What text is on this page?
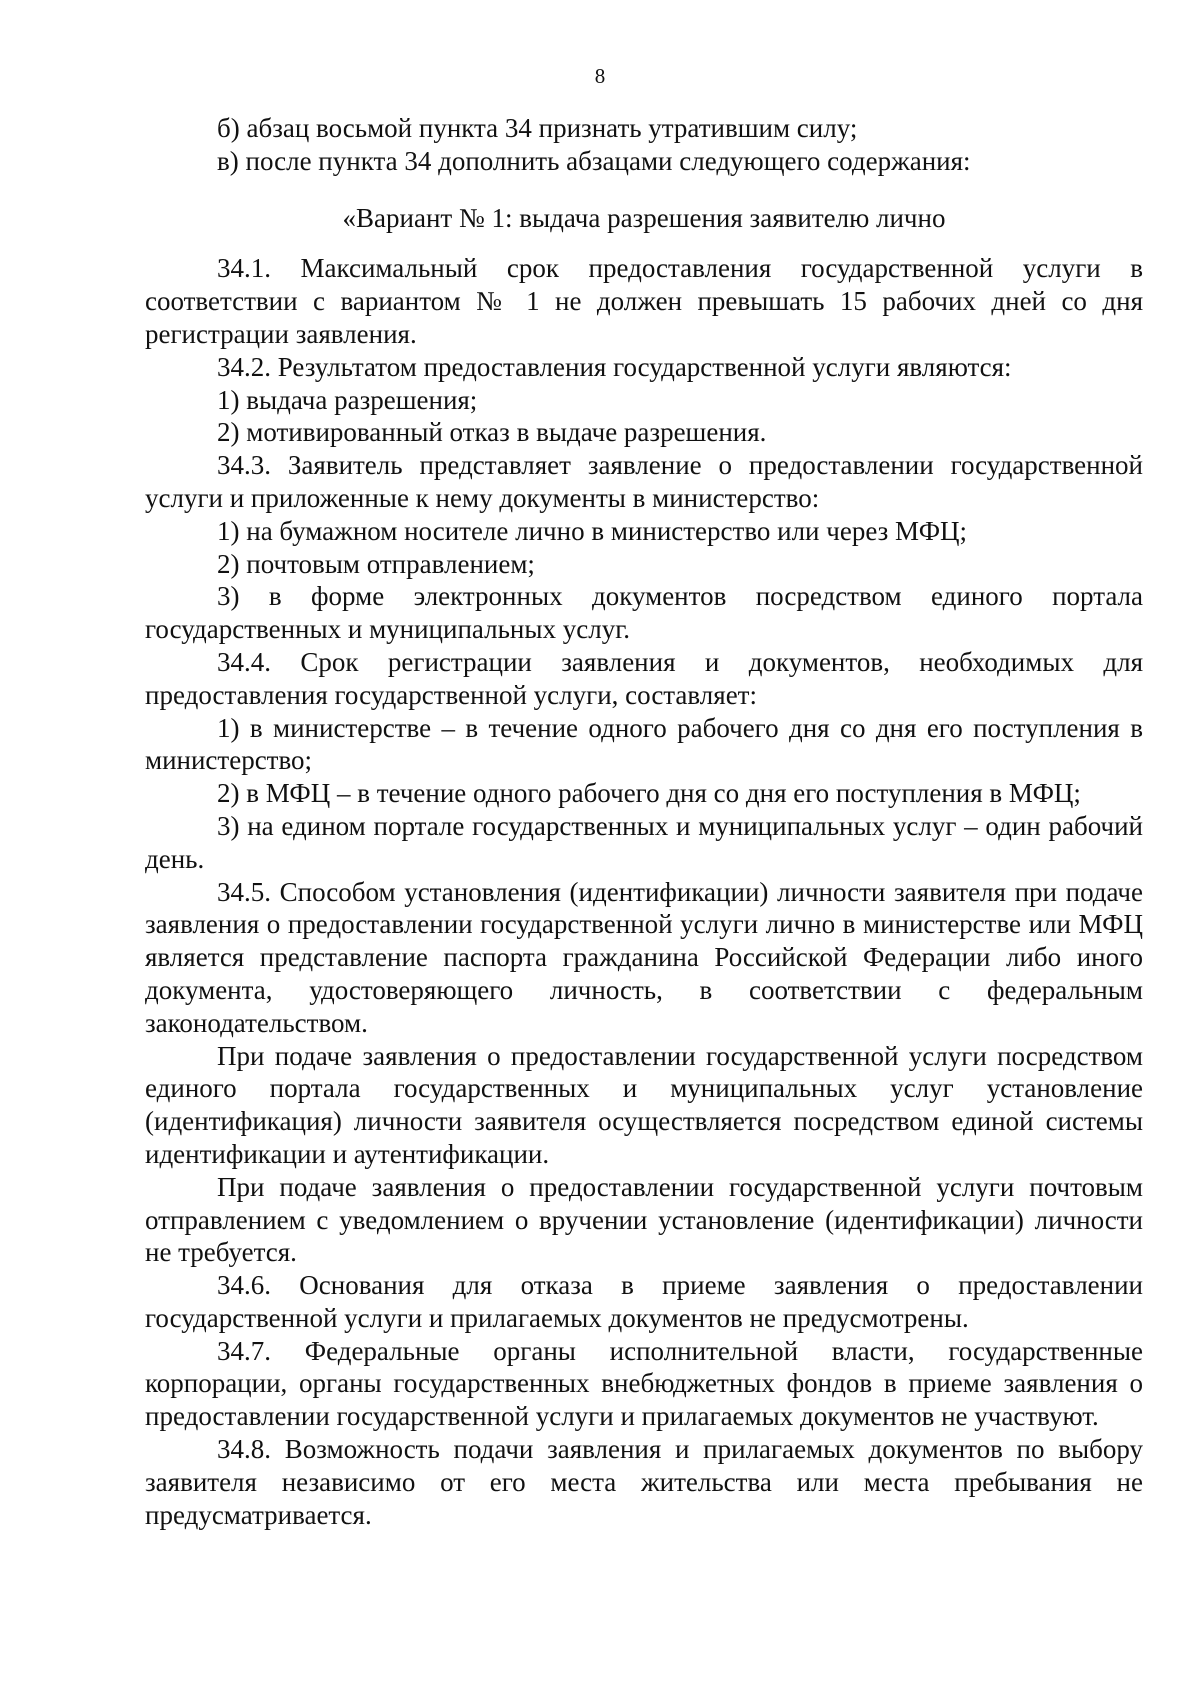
8

б) абзац восьмой пункта 34 признать утратившим силу;

в) после пункта 34 дополнить абзацами следующего содержания:

«Вариант № 1: выдача разрешения заявителю лично

34.1. Максимальный срок предоставления государственной услуги в соответствии с вариантом № 1 не должен превышать 15 рабочих дней со дня регистрации заявления.

34.2. Результатом предоставления государственной услуги являются:

1) выдача разрешения;

2) мотивированный отказ в выдаче разрешения.

34.3. Заявитель представляет заявление о предоставлении государственной услуги и приложенные к нему документы в министерство:

1) на бумажном носителе лично в министерство или через МФЦ;

2) почтовым отправлением;

3) в форме электронных документов посредством единого портала государственных и муниципальных услуг.

34.4. Срок регистрации заявления и документов, необходимых для предоставления государственной услуги, составляет:

1) в министерстве – в течение одного рабочего дня со дня его поступления в министерство;

2) в МФЦ – в течение одного рабочего дня со дня его поступления в МФЦ;

3) на едином портале государственных и муниципальных услуг – один рабочий день.

34.5. Способом установления (идентификации) личности заявителя при подаче заявления о предоставлении государственной услуги лично в министерстве или МФЦ является представление паспорта гражданина Российской Федерации либо иного документа, удостоверяющего личность, в соответствии с федеральным законодательством.

При подаче заявления о предоставлении государственной услуги посредством единого портала государственных и муниципальных услуг установление (идентификация) личности заявителя осуществляется посредством единой системы идентификации и аутентификации.

При подаче заявления о предоставлении государственной услуги почтовым отправлением с уведомлением о вручении установление (идентификации) личности не требуется.

34.6. Основания для отказа в приеме заявления о предоставлении государственной услуги и прилагаемых документов не предусмотрены.

34.7. Федеральные органы исполнительной власти, государственные корпорации, органы государственных внебюджетных фондов в приеме заявления о предоставлении государственной услуги и прилагаемых документов не участвуют.

34.8. Возможность подачи заявления и прилагаемых документов по выбору заявителя независимо от его места жительства или места пребывания не предусматривается.
